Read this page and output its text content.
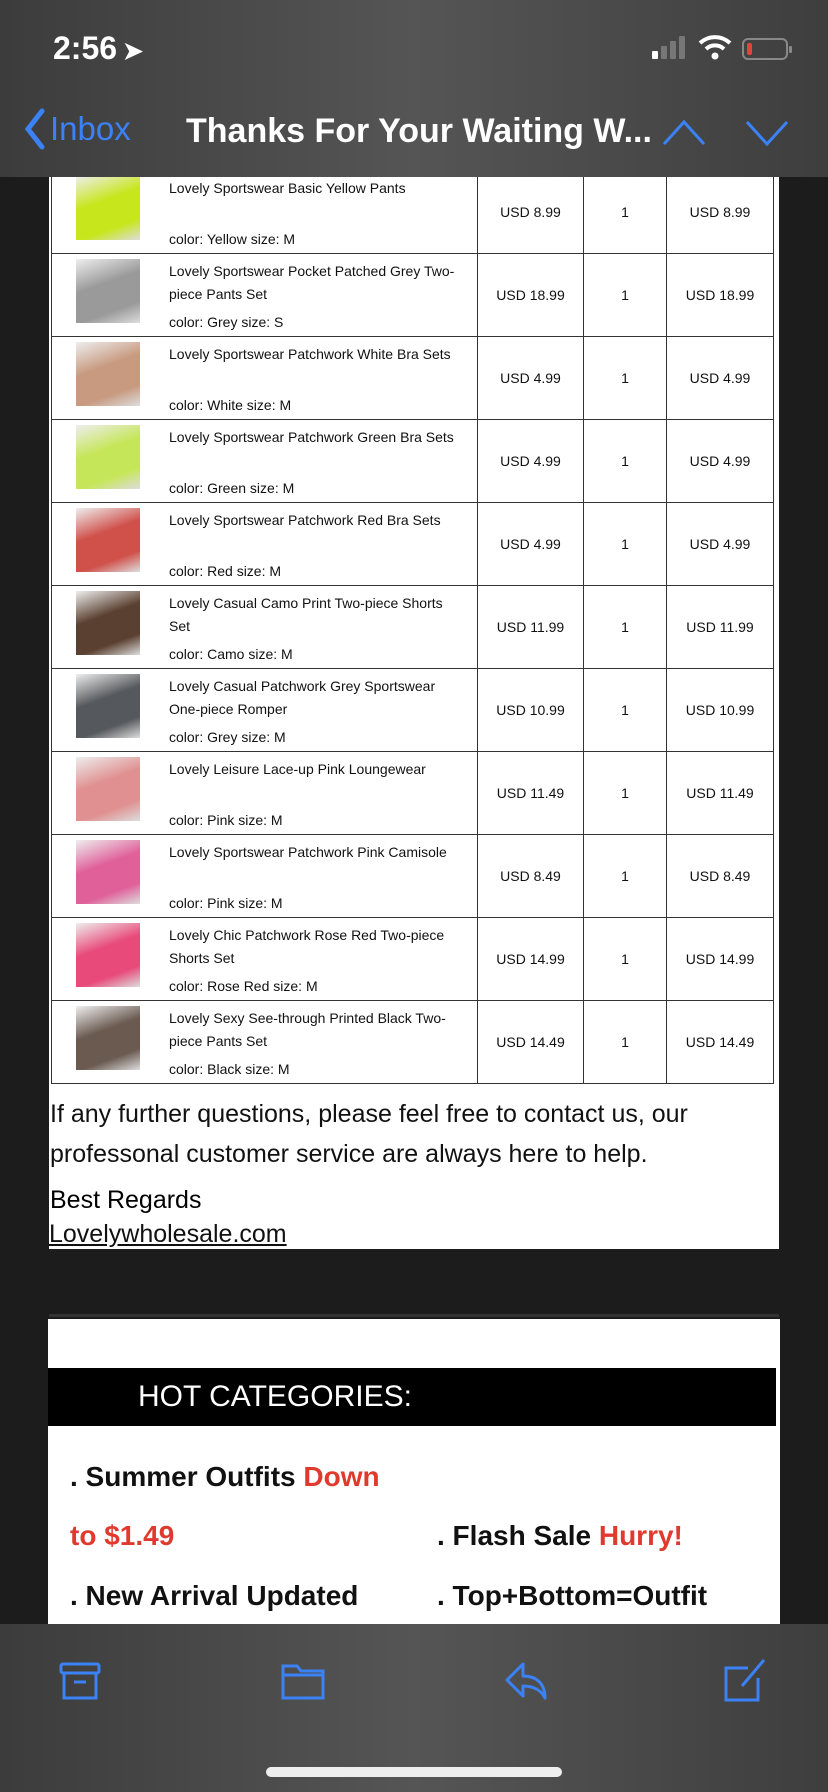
2:56 ➤
Inbox Thanks For Your Waiting W...
Lovely Sportswear Basic Yellow Pants
color: Yellow size: M	USD 8.99	1	USD 8.99

Lovely Sportswear Pocket Patched Grey Two-piece Pants Set
color: Grey size: S	USD 18.99	1	USD 18.99

Lovely Sportswear Patchwork White Bra Sets
color: White size: M	USD 4.99	1	USD 4.99

Lovely Sportswear Patchwork Green Bra Sets
color: Green size: M	USD 4.99	1	USD 4.99

Lovely Sportswear Patchwork Red Bra Sets
color: Red size: M	USD 4.99	1	USD 4.99

Lovely Casual Camo Print Two-piece Shorts Set
color: Camo size: M	USD 11.99	1	USD 11.99

Lovely Casual Patchwork Grey Sportswear One-piece Romper
color: Grey size: M	USD 10.99	1	USD 10.99

Lovely Leisure Lace-up Pink Loungewear
color: Pink size: M	USD 11.49	1	USD 11.49

Lovely Sportswear Patchwork Pink Camisole
color: Pink size: M	USD 8.49	1	USD 8.49

Lovely Chic Patchwork Rose Red Two-piece Shorts Set
color: Rose Red size: M	USD 14.99	1	USD 14.99

Lovely Sexy See-through Printed Black Two-piece Pants Set
color: Black size: M	USD 14.49	1	USD 14.49

If any further questions, please feel free to contact us, our professonal customer service are always here to help.

Best Regards

Lovelywholesale.com
HOT CATEGORIES:
. Summer Outfits Down
to $1.49	. Flash Sale Hurry!
. New Arrival Updated	. Top+Bottom=Outfit
